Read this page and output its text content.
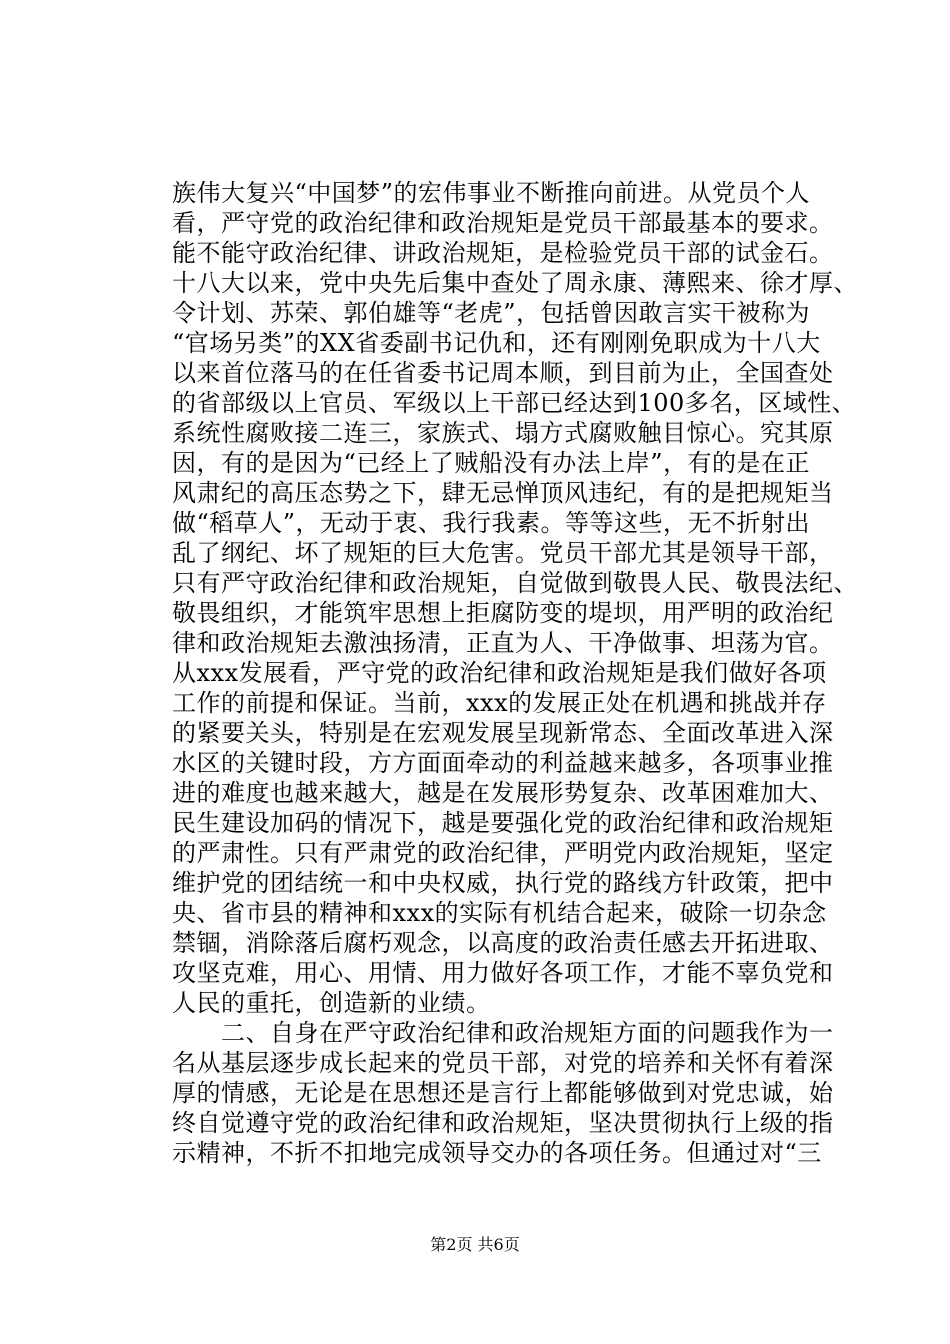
族伟大复兴“中国梦”的宏伟事业不断推向前进。从党员个人
看，严守党的政治纪律和政治规矩是党员干部最基本的要求。
能不能守政治纪律、讲政治规矩，是检验党员干部的试金石。
十八大以来，党中央先后集中查处了周永康、薄熙来、徐才厚、
令计划、苏荣、郭伯雄等“老虎”，包括曾因敢言实干被称为
“官场另类”的XX省委副书记仇和，还有刚刚免职成为十八大
以来首位落马的在任省委书记周本顺，到目前为止，全国查处
的省部级以上官员、军级以上干部已经达到100多名，区域性、
系统性腐败接二连三，家族式、塌方式腐败触目惊心。究其原
因，有的是因为“已经上了贼船没有办法上岸”，有的是在正
风肃纪的高压态势之下，肆无忌惮顶风违纪，有的是把规矩当
做“稻草人”，无动于衷、我行我素。等等这些，无不折射出
乱了纲纪、坏了规矩的巨大危害。党员干部尤其是领导干部，
只有严守政治纪律和政治规矩，自觉做到敬畏人民、敬畏法纪、
敬畏组织，才能筑牢思想上拒腐防变的堤坝，用严明的政治纪
律和政治规矩去激浊扬清，正直为人、干净做事、坦荡为官。
从xxx发展看，严守党的政治纪律和政治规矩是我们做好各项
工作的前提和保证。当前，xxx的发展正处在机遇和挑战并存
的紧要关头，特别是在宏观发展呈现新常态、全面改革进入深
水区的关键时段，方方面面牵动的利益越来越多，各项事业推
进的难度也越来越大，越是在发展形势复杂、改革困难加大、
民生建设加码的情况下，越是要强化党的政治纪律和政治规矩
的严肃性。只有严肃党的政治纪律，严明党内政治规矩，坚定
维护党的团结统一和中央权威，执行党的路线方针政策，把中
央、省市县的精神和xxx的实际有机结合起来，破除一切杂念
禁锢，消除落后腐朽观念，以高度的政治责任感去开拓进取、
攻坚克难，用心、用情、用力做好各项工作，才能不辜负党和
人民的重托，创造新的业绩。
　　二、自身在严守政治纪律和政治规矩方面的问题我作为一
名从基层逐步成长起来的党员干部，对党的培养和关怀有着深
厚的情感，无论是在思想还是言行上都能够做到对党忠诚，始
终自觉遵守党的政治纪律和政治规矩，坚决贯彻执行上级的指
示精神，不折不扣地完成领导交办的各项任务。但通过对“三
第2页 共6页
